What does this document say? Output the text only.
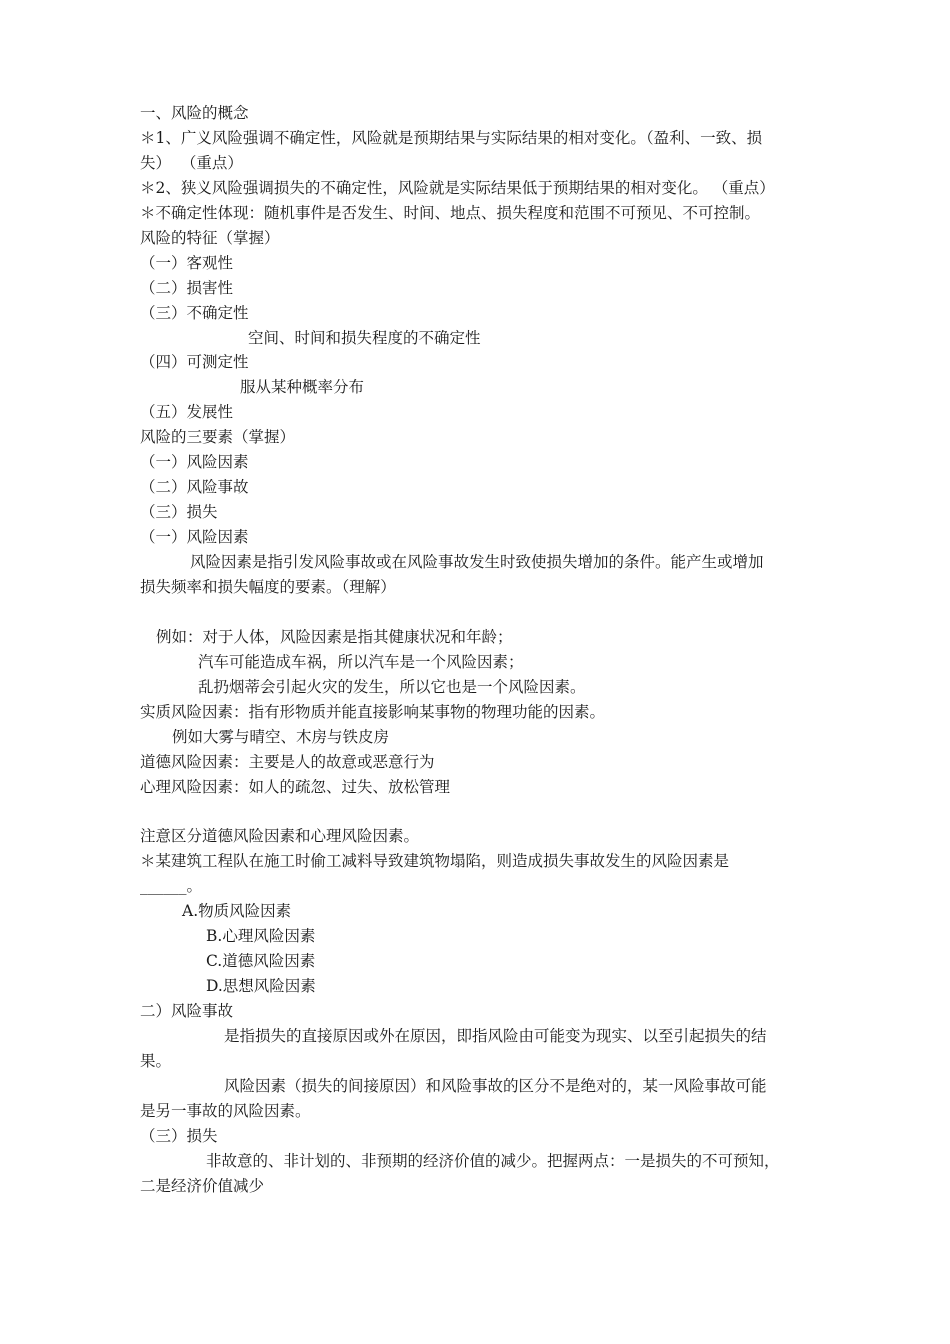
一、风险的概念
＊1、广义风险强调不确定性，风险就是预期结果与实际结果的相对变化。（盈利、一致、损
失）  （重点）
＊2、狭义风险强调损失的不确定性，风险就是实际结果低于预期结果的相对变化。 （重点）
＊不确定性体现：随机事件是否发生、时间、地点、损失程度和范围不可预见、不可控制。
风险的特征（掌握）
（一）客观性
（二）损害性
（三）不确定性
空间、时间和损失程度的不确定性
（四）可测定性
服从某种概率分布
（五）发展性
风险的三要素（掌握）
（一）风险因素
（二）风险事故
（三）损失
（一）风险因素
风险因素是指引发风险事故或在风险事故发生时致使损失增加的条件。能产生或增加
损失频率和损失幅度的要素。（理解）
例如：对于人体，风险因素是指其健康状况和年龄；
汽车可能造成车祸，所以汽车是一个风险因素；
乱扔烟蒂会引起火灾的发生，所以它也是一个风险因素。
实质风险因素：指有形物质并能直接影响某事物的物理功能的因素。
例如大雾与晴空、木房与铁皮房
道德风险因素：主要是人的故意或恶意行为
心理风险因素：如人的疏忽、过失、放松管理
注意区分道德风险因素和心理风险因素。
＊某建筑工程队在施工时偷工减料导致建筑物塌陷，则造成损失事故发生的风险因素是
______。
A.物质风险因素
B.心理风险因素
C.道德风险因素
D.思想风险因素
二）风险事故
是指损失的直接原因或外在原因，即指风险由可能变为现实、以至引起损失的结
果。
风险因素（损失的间接原因）和风险事故的区分不是绝对的，某一风险事故可能
是另一事故的风险因素。
（三）损失
非故意的、非计划的、非预期的经济价值的减少。把握两点：一是损失的不可预知，
二是经济价值减少
